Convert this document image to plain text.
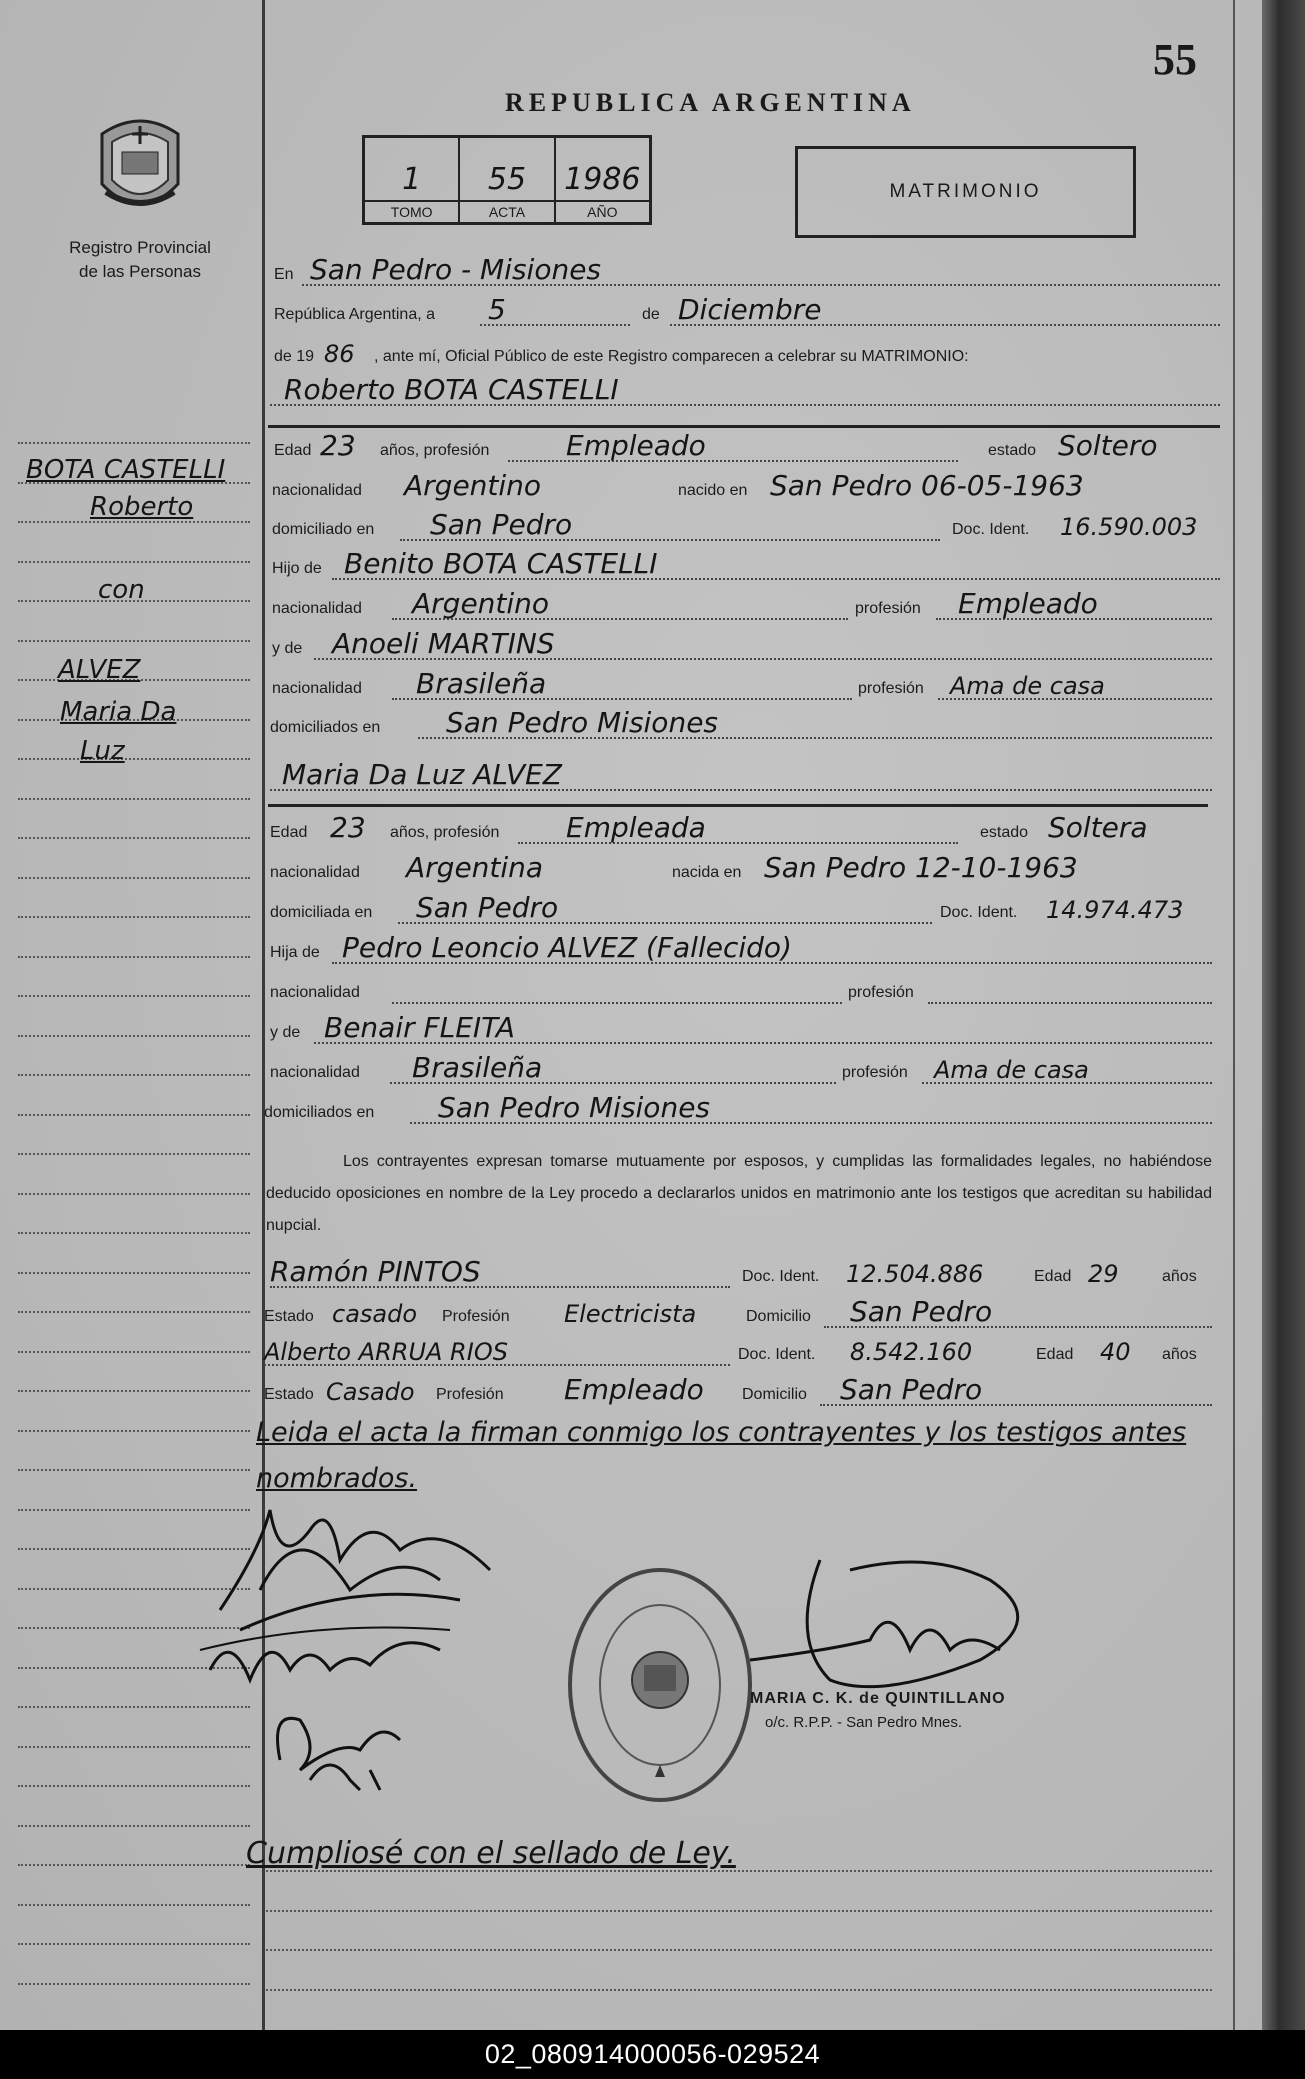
55
REPUBLICA ARGENTINA
Registro Provincial
de las Personas
1
TOMO
55
ACTA
1986
AÑO
MATRIMONIO
BOTA CASTELLI
Roberto
con
ALVEZ
Maria Da
Luz
En San Pedro - Misiones
República Argentina, a 5	de Diciembre
de 19 86 , ante mí, Oficial Público de este Registro comparecen a celebrar su MATRIMONIO:
Roberto BOTA CASTELLI
Edad 23 años, profesión	Empleado	estado Soltero
nacionalidad Argentino	nacido en San Pedro 06-05-1963
domiciliado en San Pedro	Doc. Ident. 16.590.003
Hijo de Benito BOTA CASTELLI
nacionalidad Argentino	profesión Empleado
y de Anoeli MARTINS
nacionalidad Brasileña	profesión Ama de casa
domiciliados en San Pedro Misiones
Maria Da Luz ALVEZ
Edad 23 años, profesión Empleada	estado Soltera
nacionalidad Argentina	nacida en San Pedro 12-10-1963
domiciliada en San Pedro	Doc. Ident. 14.974.473
Hija de Pedro Leoncio ALVEZ (Fallecido)
nacionalidad	profesión
y de Benair FLEITA
nacionalidad Brasileña	profesión Ama de casa
domiciliados en San Pedro Misiones
Los contrayentes expresan tomarse mutuamente por esposos, y cumplidas las formalidades legales, no habiéndose deducido oposiciones en nombre de la Ley procedo a declararlos unidos en matrimonio ante los testigos que acreditan su habilidad nupcial.
Ramón PINTOS	Doc. Ident. 12.504.886	Edad 29	años
Estado casado Profesión Electricista	Domicilio San Pedro
Alberto ARRUA RIOS	Doc. Ident. 8.542.160	Edad 40 años
Estado Casado Profesión Empleado Domicilio San Pedro
Leida el acta la firman conmigo los contrayentes y los testigos antes nombrados.
MARIA C. K. de QUINTILLANO
o/c. R.P.P. - San Pedro Mnes.
Cumpliosé con el sellado de Ley.
02_080914000056-029524
